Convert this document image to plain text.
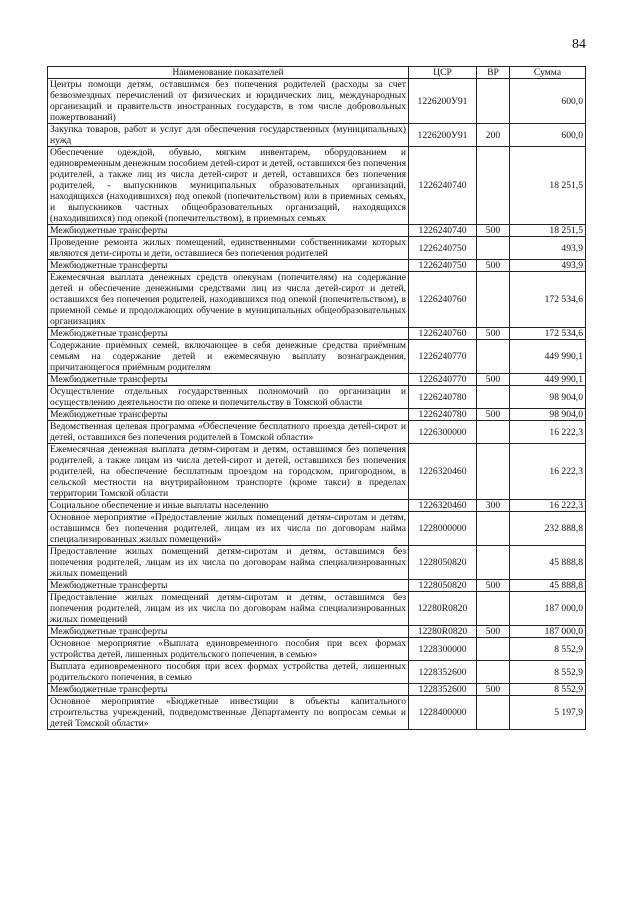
84
Наименование показателей	ЦСР	ВР	Сумма
Центры помощи детям, оставшимся без попечения родителей (расходы за счет безвозмездных перечислений от физических и юридических лиц, международных организаций и правительств иностранных государств, в том числе добровольных пожертвований)	1226200У91		600,0
Закупка товаров, работ и услуг для обеспечения государственных (муниципальных) нужд	1226200У91	200	600,0
Обеспечение одеждой, обувью, мягким инвентарем, оборудованием и единовременным денежным пособием детей-сирот и детей, оставшихся без попечения родителей, а также лиц из числа детей-сирот и детей, оставшихся без попечения родителей, - выпускников муниципальных образовательных организаций, находящихся (находившихся) под опекой (попечительством) или в приемных семьях, и выпускников частных общеобразовательных организаций, находящихся (находившихся) под опекой (попечительством), в приемных семьях	1226240740		18 251,5
Межбюджетные трансферты	1226240740	500	18 251,5
Проведение ремонта жилых помещений, единственными собственниками которых являются дети-сироты и дети, оставшиеся без попечения родителей	1226240750		493,9
Межбюджетные трансферты	1226240750	500	493,9
Ежемесячная выплата денежных средств опекунам (попечителям) на содержание детей и обеспечение денежными средствами лиц из числа детей-сирот и детей, оставшихся без попечения родителей, находившихся под опекой (попечительством), в приемной семье и продолжающих обучение в муниципальных общеобразовательных организациях	1226240760		172 534,6
Межбюджетные трансферты	1226240760	500	172 534,6
Содержание приёмных семей, включающее в себя денежные средства приёмным семьям на содержание детей и ежемесячную выплату вознаграждения, причитающегося приёмным родителям	1226240770		449 990,1
Межбюджетные трансферты	1226240770	500	449 990,1
Осуществление отдельных государственных полномочий по организации и осуществлению деятельности по опеке и попечительству в Томской области	1226240780		98 904,0
Межбюджетные трансферты	1226240780	500	98 904,0
Ведомственная целевая программа «Обеспечение бесплатного проезда детей-сирот и детей, оставшихся без попечения родителей в Томской области»	1226300000		16 222,3
Ежемесячная денежная выплата детям-сиротам и детям, оставшимся без попечения родителей, а также лицам из числа детей-сирот и детей, оставшихся без попечения родителей, на обеспечение бесплатным проездом на городском, пригородном, в сельской местности на внутрирайонном транспорте (кроме такси) в пределах территории Томской области	1226320460		16 222,3
Социальное обеспечение и иные выплаты населению	1226320460	300	16 222,3
Основное мероприятие «Предоставление жилых помещений детям-сиротам и детям, оставшимся без попечения родителей, лицам из их числа по договорам найма специализированных жилых помещений»	1228000000		232 888,8
Предоставление жилых помещений детям-сиротам и детям, оставшимся без попечения родителей, лицам из их числа по договорам найма специализированных жилых помещений	1228050820		45 888,8
Межбюджетные трансферты	1228050820	500	45 888,8
Предоставление жилых помещений детям-сиротам и детям, оставшимся без попечения родителей, лицам из их числа по договорам найма специализированных жилых помещений	12280R0820		187 000,0
Межбюджетные трансферты	12280R0820	500	187 000,0
Основное мероприятие «Выплата единовременного пособия при всех формах устройства детей, лишенных родительского попечения, в семью»	1228300000		8 552,9
Выплата единовременного пособия при всех формах устройства детей, лишенных родительского попечения, в семью	1228352600		8 552,9
Межбюджетные трансферты	1228352600	500	8 552,9
Основное мероприятие «Бюджетные инвестиции в объекты капитального строительства учреждений, подведомственные Департаменту по вопросам семьи и детей Томской области»	1228400000		5 197,9
